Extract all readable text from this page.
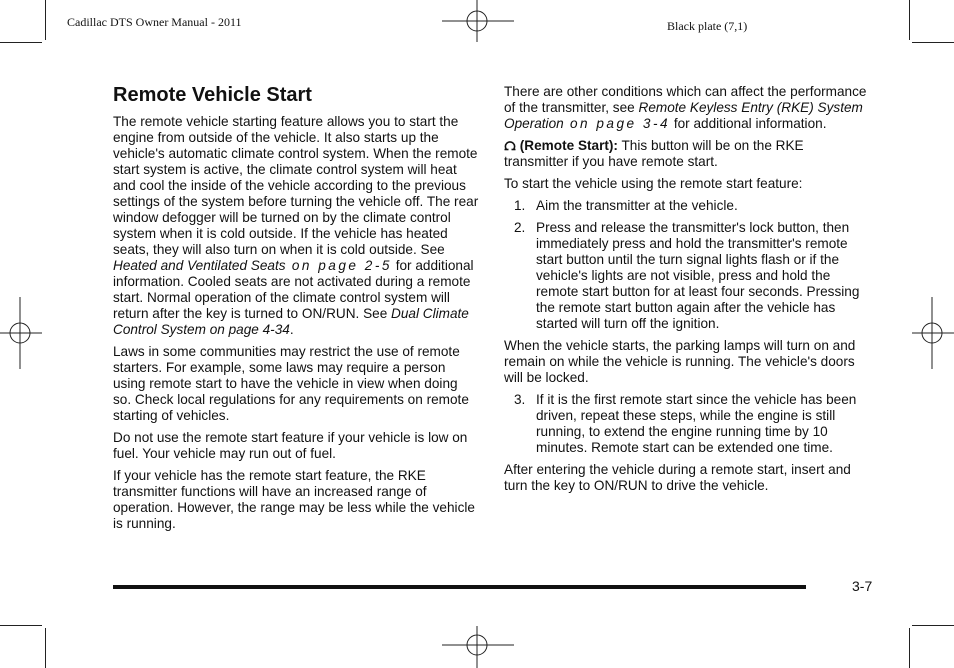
Cadillac DTS Owner Manual - 2011	Black plate (7,1)
Remote Vehicle Start

The remote vehicle starting feature allows you to start the engine from outside of the vehicle. It also starts up the vehicle's automatic climate control system. When the remote start system is active, the climate control system will heat and cool the inside of the vehicle according to the previous settings of the system before turning the vehicle off. The rear window defogger will be turned on by the climate control system when it is cold outside. If the vehicle has heated seats, they will also turn on when it is cold outside. See Heated and Ventilated Seats on page 2-5 for additional information. Cooled seats are not activated during a remote start. Normal operation of the climate control system will return after the key is turned to ON/RUN. See Dual Climate Control System on page 4-34.

Laws in some communities may restrict the use of remote starters. For example, some laws may require a person using remote start to have the vehicle in view when doing so. Check local regulations for any requirements on remote starting of vehicles.

Do not use the remote start feature if your vehicle is low on fuel. Your vehicle may run out of fuel.

If your vehicle has the remote start feature, the RKE transmitter functions will have an increased range of operation. However, the range may be less while the vehicle is running.

There are other conditions which can affect the performance of the transmitter, see Remote Keyless Entry (RKE) System Operation on page 3-4 for additional information.

(Remote Start): This button will be on the RKE transmitter if you have remote start.

To start the vehicle using the remote start feature:

1. Aim the transmitter at the vehicle.
2. Press and release the transmitter's lock button, then immediately press and hold the transmitter's remote start button until the turn signal lights flash or if the vehicle's lights are not visible, press and hold the remote start button for at least four seconds. Pressing the remote start button again after the vehicle has started will turn off the ignition.

When the vehicle starts, the parking lamps will turn on and remain on while the vehicle is running. The vehicle's doors will be locked.

3. If it is the first remote start since the vehicle has been driven, repeat these steps, while the engine is still running, to extend the engine running time by 10 minutes. Remote start can be extended one time.

After entering the vehicle during a remote start, insert and turn the key to ON/RUN to drive the vehicle.

3-7
